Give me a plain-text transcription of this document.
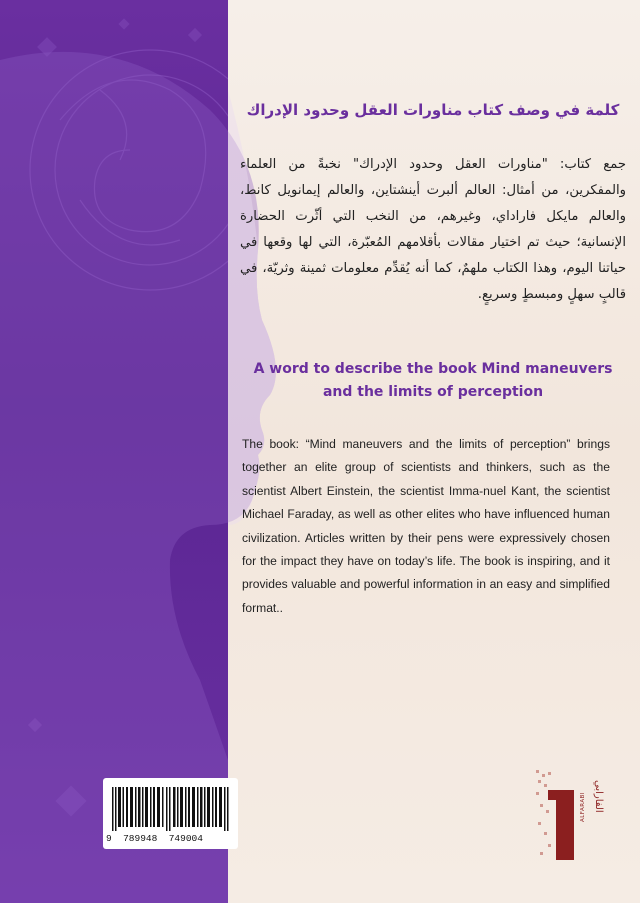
كلمة في وصف كتاب مناورات العقل وحدود الإدراك
جمع كتاب: "مناورات العقل وحدود الإدراك" نخبةً من العلماء والمفكرين، من أمثال: العالم ألبرت أينشتاين، والعالم إيمانويل كانط، والعالم مايكل فاراداي، وغيرهم، من النخب التي أثّرت الحضارة الإنسانية؛ حيث تم اختيار مقالات بأقلامهم المُعبّرة، التي لها وقعها في حياتنا اليوم، وهذا الكتاب ملهمٌ، كما أنه يُقدِّم معلومات ثمينة وثريّة، في قالبٍ سهلٍ ومبسطٍ وسريعٍ.
A word to describe the book Mind maneuvers
and the limits of perception
The book: “Mind maneuvers and the limits of perception” brings together an elite group of scientists and thinkers, such as the scientist Albert Einstein, the scientist Imma-nuel Kant, the scientist Michael Faraday, as well as other elites who have influenced human civilization. Articles written by their pens were expressively chosen for the impact they have on today’s life. The book is inspiring, and it provides valuable and powerful information in an easy and simplified format..
9  789948  749004
الفارابي
ALFARABI
